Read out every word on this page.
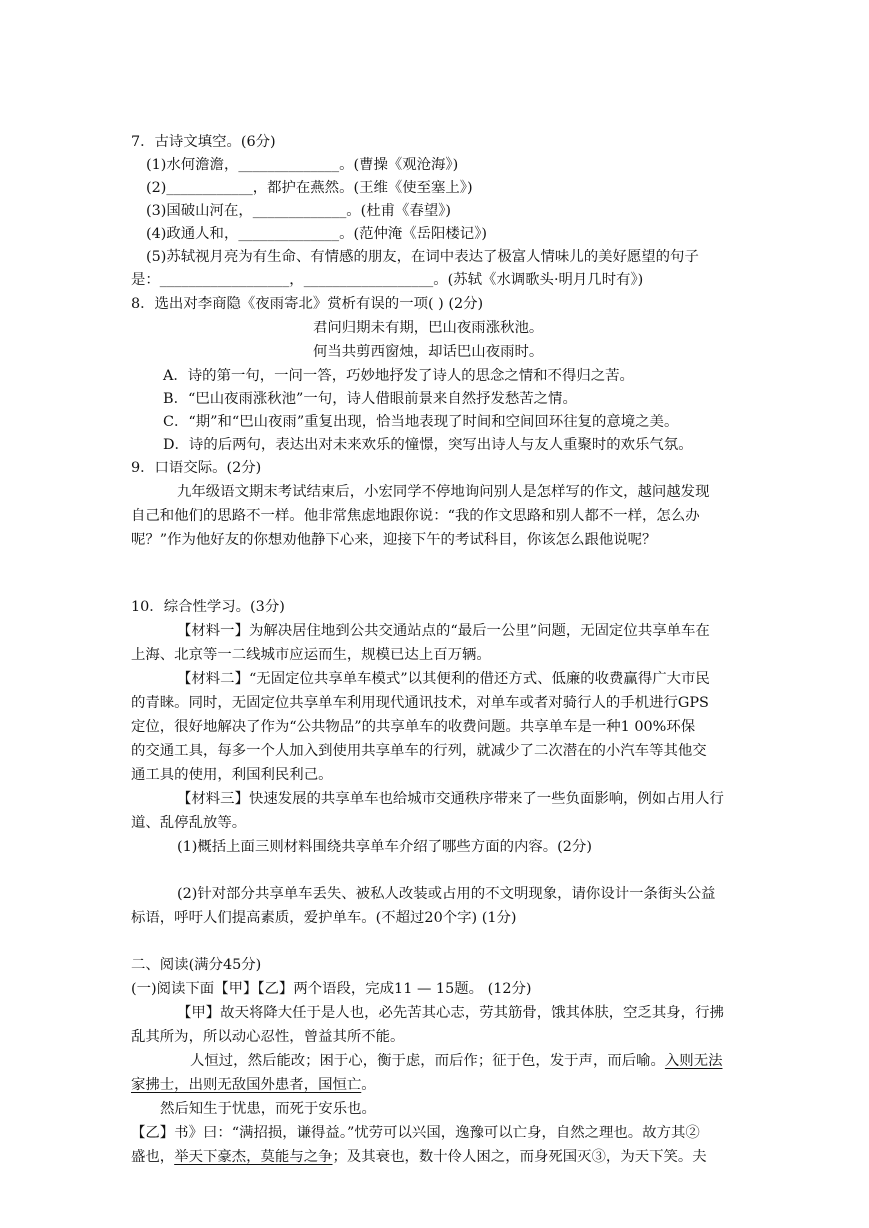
7．古诗文填空。(6分)
(1)水何澹澹，______________。(曹操《观沧海》)
(2)____________，都护在燕然。(王维《使至塞上》)
(3)国破山河在，_____________。(杜甫《春望》)
(4)政通人和，______________。(范仲淹《岳阳楼记》)
(5)苏轼视月亮为有生命、有情感的朋友，在词中表达了极富人情味儿的美好愿望的句子
是：__________________，__________________。(苏轼《水调歌头·明月几时有》)
8．选出对李商隐《夜雨寄北》赏析有误的一项( ) (2分)
君问归期未有期，巴山夜雨涨秋池。
何当共剪西窗烛，却话巴山夜雨时。
A．诗的第一句，一问一答，巧妙地抒发了诗人的思念之情和不得归之苦。
B．“巴山夜雨涨秋池”一句，诗人借眼前景来自然抒发愁苦之情。
C．“期”和“巴山夜雨”重复出现，恰当地表现了时间和空间回环往复的意境之美。
D．诗的后两句，表达出对未来欢乐的憧憬，突写出诗人与友人重聚时的欢乐气氛。
9．口语交际。(2分)
九年级语文期末考试结束后，小宏同学不停地询问别人是怎样写的作文，越问越发现
自己和他们的思路不一样。他非常焦虑地跟你说：“我的作文思路和别人都不一样，怎么办
呢？”作为他好友的你想劝他静下心来，迎接下午的考试科目，你该怎么跟他说呢？
10．综合性学习。(3分)
【材料一】为解决居住地到公共交通站点的“最后一公里”问题，无固定位共享单车在
上海、北京等一二线城市应运而生，规模已达上百万辆。
【材料二】“无固定位共享单车模式”以其便利的借还方式、低廉的收费赢得广大市民
的青睐。同时，无固定位共享单车利用现代通讯技术，对单车或者对骑行人的手机进行GPS
定位，很好地解决了作为“公共物品”的共享单车的收费问题。共享单车是一种1 00%环保
的交通工具，每多一个人加入到使用共享单车的行列，就减少了二次潜在的小汽车等其他交
通工具的使用，利国利民利己。
【材料三】快速发展的共享单车也给城市交通秩序带来了一些负面影响，例如占用人行
道、乱停乱放等。
(1)概括上面三则材料围绕共享单车介绍了哪些方面的内容。(2分)
(2)针对部分共享单车丢失、被私人改装或占用的不文明现象，请你设计一条街头公益
标语，呼吁人们提高素质，爱护单车。(不超过20个字) (1分)
二、阅读(满分45分)
(一)阅读下面【甲】【乙】两个语段，完成11 — 15题。 (12分)
【甲】故天将降大任于是人也，必先苦其心志，劳其筋骨，饿其体肤，空乏其身，行拂
乱其所为，所以动心忍性，曾益其所不能。
人恒过，然后能改；困于心，衡于虑，而后作；征于色，发于声，而后喻。入则无法
家拂士，出则无敌国外患者，国恒亡。
然后知生于忧患，而死于安乐也。
【乙】书》曰：“满招损，谦得益。”忧劳可以兴国，逸豫可以亡身，自然之理也。故方其②
盛也，举天下豪杰，莫能与之争；及其衰也，数十伶人困之，而身死国灭③，为天下笑。夫
